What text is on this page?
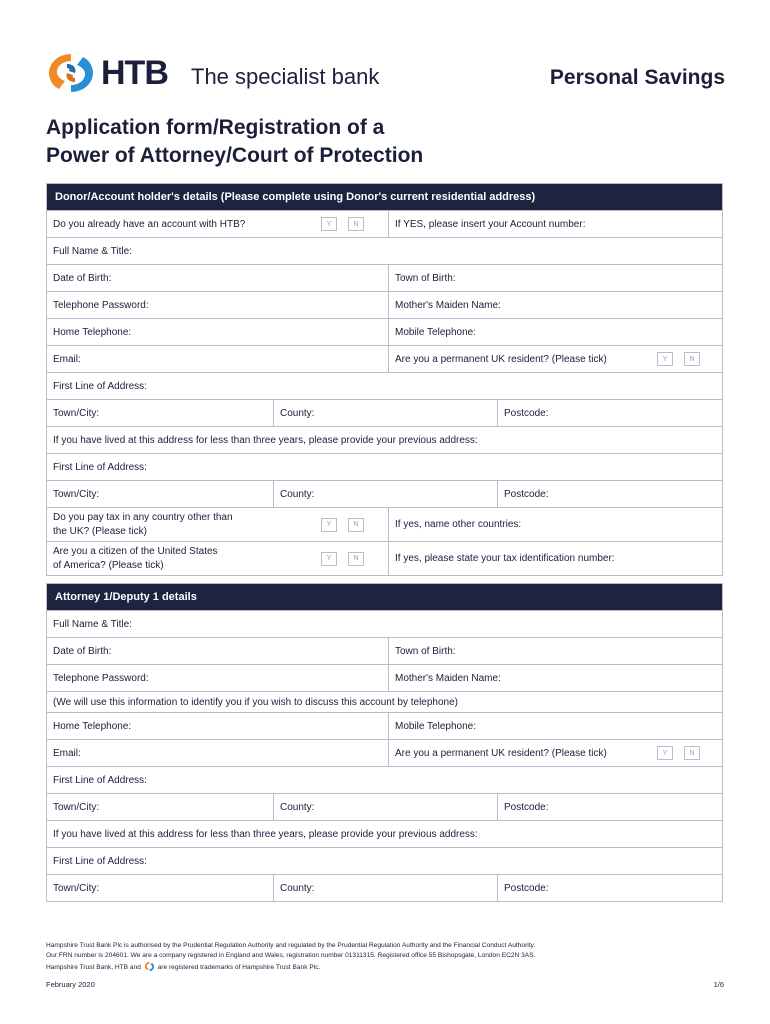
HTB The specialist bank	Personal Savings
Application form/Registration of a
Power of Attorney/Court of Protection
Donor/Account holder's details (Please complete using Donor's current residential address)
Do you already have an account with HTB?	Y	N	If YES, please insert your Account number:
Full Name & Title:
Date of Birth:	Town of Birth:
Telephone Password:	Mother's Maiden Name:
Home Telephone:	Mobile Telephone:
Email:	Are you a permanent UK resident? (Please tick)	Y	N
First Line of Address:
Town/City:	County:	Postcode:
If you have lived at this address for less than three years, please provide your previous address:
First Line of Address:
Town/City:	County:	Postcode:
Do you pay tax in any country other than
the UK? (Please tick)
Y	N	If yes, name other countries:
Are you a citizen of the United States
of America? (Please tick)
Y	N	If yes, please state your tax identification number:
Attorney 1/Deputy 1 details
Full Name & Title:
Date of Birth:	Town of Birth:
Telephone Password:	Mother's Maiden Name:
(We will use this information to identify you if you wish to discuss this account by telephone)
Home Telephone:	Mobile Telephone:
Email:	Are you a permanent UK resident? (Please tick)	Y	N
First Line of Address:
Town/City:	County:	Postcode:
If you have lived at this address for less than three years, please provide your previous address:
First Line of Address:
Town/City:	County:	Postcode:
Hampshire Trust Bank Plc is authorised by the Prudential Regulation Authority and regulated by the Prudential Regulation Authority and the Financial Conduct Authority.
Our FRN number is 204601. We are a company registered in England and Wales, registration number 01311315. Registered office 55 Bishopsgate, London EC2N 3AS.
Hampshire Trust Bank, HTB and	are registered trademarks of Hampshire Trust Bank Plc.
February 2020	1/6
